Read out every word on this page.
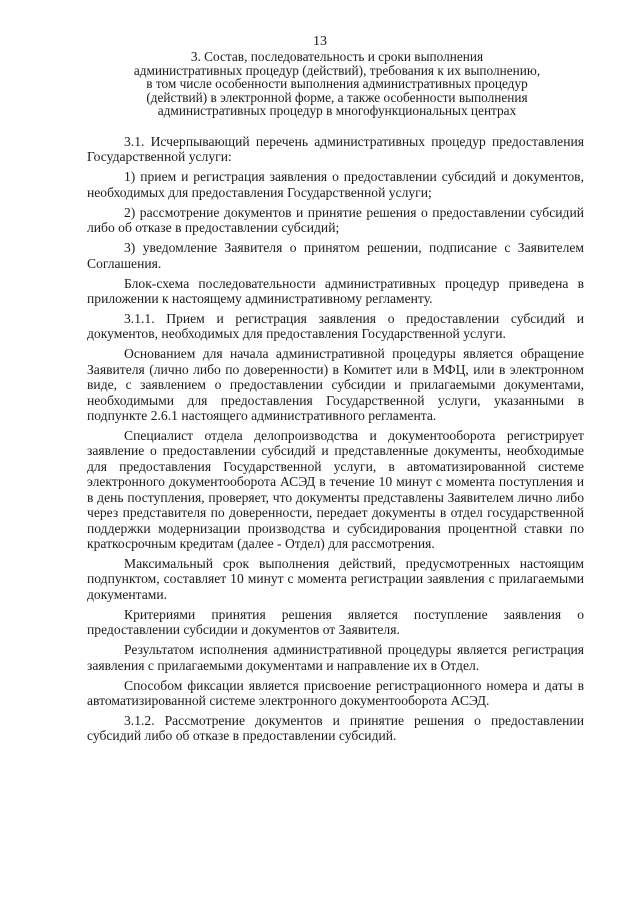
13
3. Состав, последовательность и сроки выполнения
административных процедур (действий), требования к их выполнению,
в том числе особенности выполнения административных процедур
(действий) в электронной форме, а также особенности выполнения
административных процедур в многофункциональных центрах

3.1. Исчерпывающий перечень административных процедур предоставления Государственной услуги:

1) прием и регистрация заявления о предоставлении субсидий и документов, необходимых для предоставления Государственной услуги;

2) рассмотрение документов и принятие решения о предоставлении субсидий либо об отказе в предоставлении субсидий;

3) уведомление Заявителя о принятом решении, подписание с Заявителем Соглашения.

Блок-схема последовательности административных процедур приведена в приложении к настоящему административному регламенту.

3.1.1. Прием и регистрация заявления о предоставлении субсидий и документов, необходимых для предоставления Государственной услуги.

Основанием для начала административной процедуры является обращение Заявителя (лично либо по доверенности) в Комитет или в МФЦ, или в электронном виде, с заявлением о предоставлении субсидии и прилагаемыми документами, необходимыми для предоставления Государственной услуги, указанными в подпункте 2.6.1 настоящего административного регламента.

Специалист отдела делопроизводства и документооборота регистрирует заявление о предоставлении субсидий и представленные документы, необходимые для предоставления Государственной услуги, в автоматизированной системе электронного документооборота АСЭД в течение 10 минут с момента поступления и в день поступления, проверяет, что документы представлены Заявителем лично либо через представителя по доверенности, передает документы в отдел государственной поддержки модернизации производства и субсидирования процентной ставки по краткосрочным кредитам (далее - Отдел) для рассмотрения.

Максимальный срок выполнения действий, предусмотренных настоящим подпунктом, составляет 10 минут с момента регистрации заявления с прилагаемыми документами.

Критериями принятия решения является поступление заявления о предоставлении субсидии и документов от Заявителя.

Результатом исполнения административной процедуры является регистрация заявления с прилагаемыми документами и направление их в Отдел.

Способом фиксации является присвоение регистрационного номера и даты в автоматизированной системе электронного документооборота АСЭД.

3.1.2. Рассмотрение документов и принятие решения о предоставлении субсидий либо об отказе в предоставлении субсидий.
